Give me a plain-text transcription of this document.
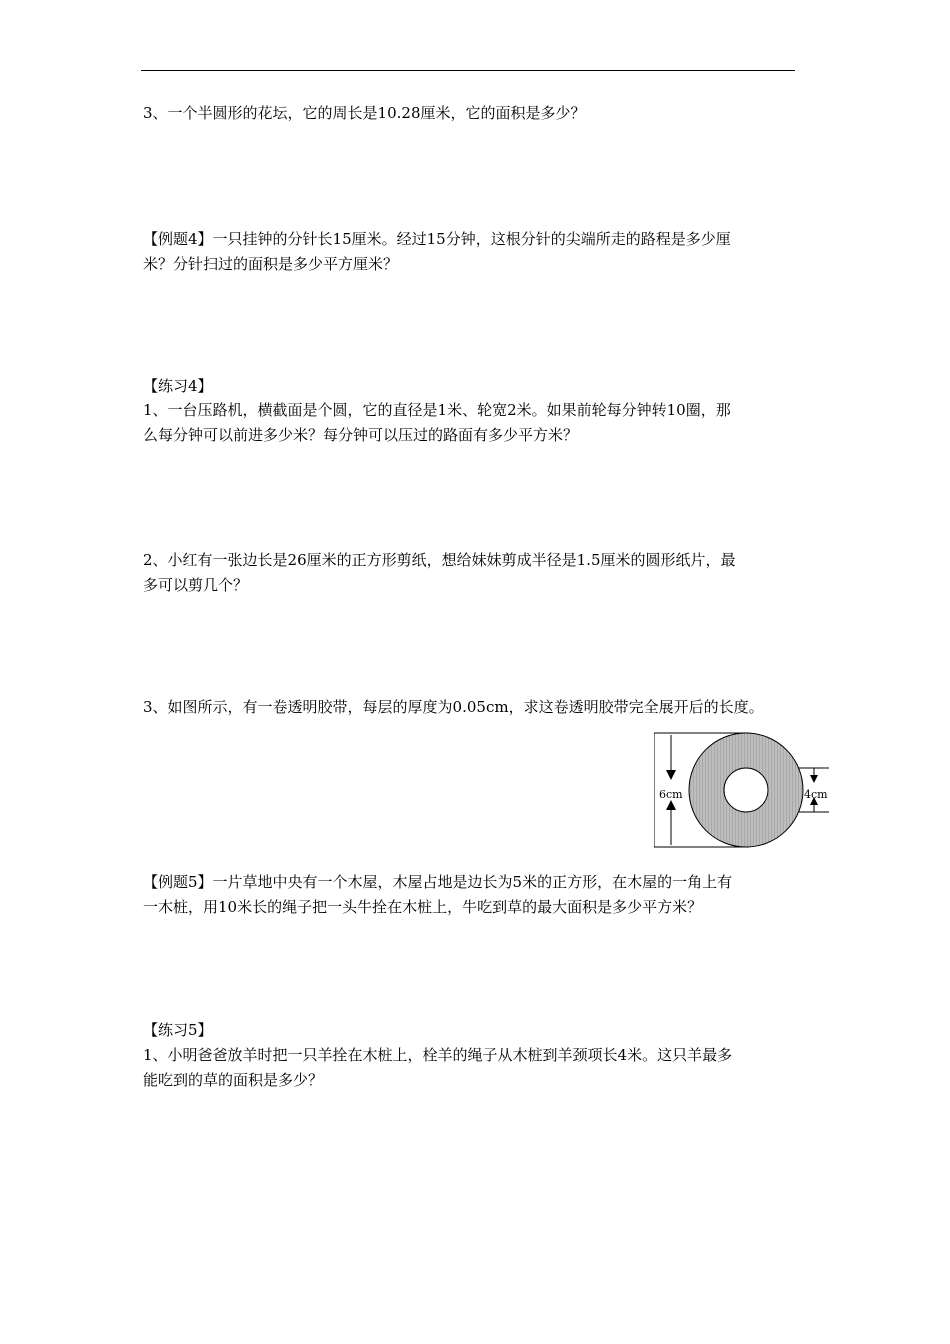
3、一个半圆形的花坛，它的周长是10.28厘米，它的面积是多少？

【例题4】一只挂钟的分针长15厘米。经过15分钟，这根分针的尖端所走的路程是多少厘

米？分针扫过的面积是多少平方厘米？

【练习4】

1、一台压路机，横截面是个圆，它的直径是1米、轮宽2米。如果前轮每分钟转10圈，那

么每分钟可以前进多少米？每分钟可以压过的路面有多少平方米？

2、小红有一张边长是26厘米的正方形剪纸，想给妹妹剪成半径是1.5厘米的圆形纸片，最

多可以剪几个？

3、如图所示，有一卷透明胶带，每层的厚度为0.05cm，求这卷透明胶带完全展开后的长度。

【例题5】一片草地中央有一个木屋，木屋占地是边长为5米的正方形，在木屋的一角上有

一木桩，用10米长的绳子把一头牛拴在木桩上，牛吃到草的最大面积是多少平方米？

【练习5】

1、小明爸爸放羊时把一只羊拴在木桩上，栓羊的绳子从木桩到羊颈项长4米。这只羊最多

能吃到的草的面积是多少？

6cm	4cm
